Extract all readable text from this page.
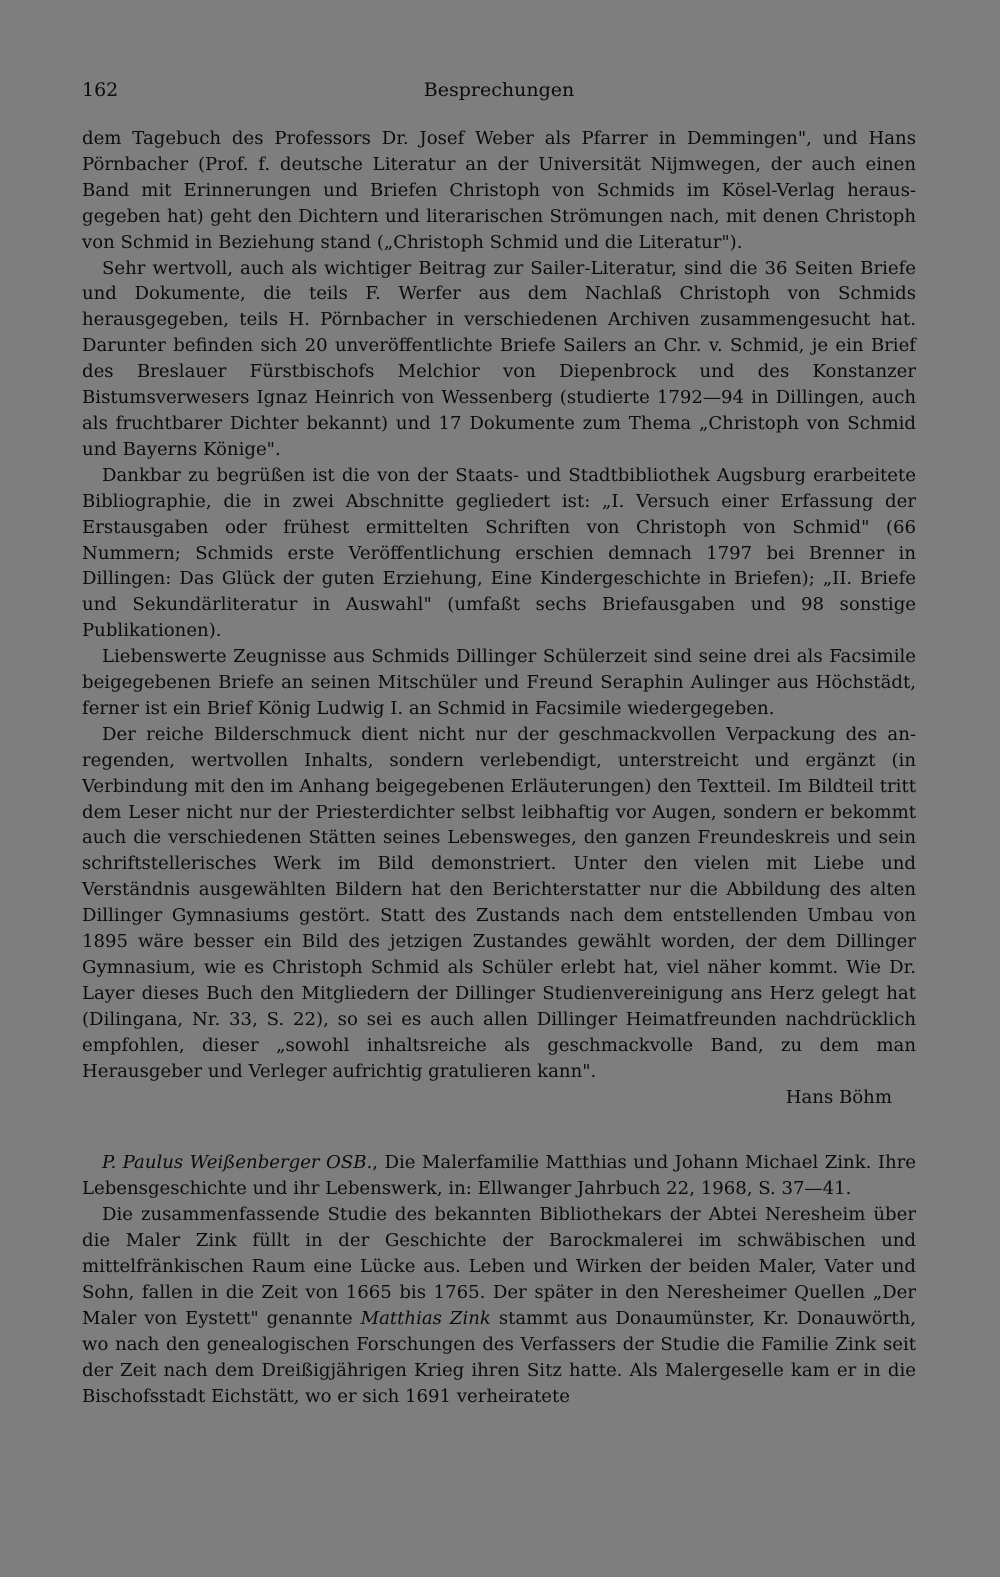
162	Besprechungen

dem Tagebuch des Professors Dr. Josef Weber als Pfarrer in Demmingen", und Hans Pörnbacher (Prof. f. deutsche Literatur an der Universität Nijmwegen, der auch einen Band mit Erinnerungen und Briefen Christoph von Schmids im Kösel-Verlag herausgegeben hat) geht den Dichtern und literarischen Strömungen nach, mit denen Christoph von Schmid in Beziehung stand („Christoph Schmid und die Literatur").

Sehr wertvoll, auch als wichtiger Beitrag zur Sailer-Literatur, sind die 36 Seiten Briefe und Dokumente, die teils F. Werfer aus dem Nachlaß Christoph von Schmids herausgegeben, teils H. Pörnbacher in verschiedenen Archiven zusammengesucht hat. Darunter befinden sich 20 unveröffentlichte Briefe Sailers an Chr. v. Schmid, je ein Brief des Breslauer Fürstbischofs Melchior von Diepenbrock und des Konstanzer Bistumsverwesers Ignaz Heinrich von Wessenberg (studierte 1792—94 in Dillingen, auch als fruchtbarer Dichter bekannt) und 17 Dokumente zum Thema „Christoph von Schmid und Bayerns Könige".

Dankbar zu begrüßen ist die von der Staats- und Stadtbibliothek Augsburg erarbeitete Bibliographie, die in zwei Abschnitte gegliedert ist: „I. Versuch einer Erfassung der Erstausgaben oder frühest ermittelten Schriften von Christoph von Schmid" (66 Nummern; Schmids erste Veröffentlichung erschien demnach 1797 bei Brenner in Dillingen: Das Glück der guten Erziehung, Eine Kindergeschichte in Briefen); „II. Briefe und Sekundärliteratur in Auswahl" (umfaßt sechs Briefausgaben und 98 sonstige Publikationen).

Liebenswerte Zeugnisse aus Schmids Dillinger Schülerzeit sind seine drei als Facsimile beigegebenen Briefe an seinen Mitschüler und Freund Seraphin Aulinger aus Höchstädt, ferner ist ein Brief König Ludwig I. an Schmid in Facsimile wiedergegeben.

Der reiche Bilderschmuck dient nicht nur der geschmackvollen Verpackung des anregenden, wertvollen Inhalts, sondern verlebendigt, unterstreicht und ergänzt (in Verbindung mit den im Anhang beigegebenen Erläuterungen) den Textteil. Im Bildteil tritt dem Leser nicht nur der Priesterdichter selbst leibhaftig vor Augen, sondern er bekommt auch die verschiedenen Stätten seines Lebensweges, den ganzen Freundeskreis und sein schriftstellerisches Werk im Bild demonstriert. Unter den vielen mit Liebe und Verständnis ausgewählten Bildern hat den Berichterstatter nur die Abbildung des alten Dillinger Gymnasiums gestört. Statt des Zustands nach dem entstellenden Umbau von 1895 wäre besser ein Bild des jetzigen Zustandes gewählt worden, der dem Dillinger Gymnasium, wie es Christoph Schmid als Schüler erlebt hat, viel näher kommt. Wie Dr. Layer dieses Buch den Mitgliedern der Dillinger Studienvereinigung ans Herz gelegt hat (Dilingana, Nr. 33, S. 22), so sei es auch allen Dillinger Heimatfreunden nachdrücklich empfohlen, dieser „sowohl inhaltsreiche als geschmackvolle Band, zu dem man Herausgeber und Verleger aufrichtig gratulieren kann".

Hans Böhm

P. Paulus Weißenberger OSB., Die Malerfamilie Matthias und Johann Michael Zink. Ihre Lebensgeschichte und ihr Lebenswerk, in: Ellwanger Jahrbuch 22, 1968, S. 37—41.

Die zusammenfassende Studie des bekannten Bibliothekars der Abtei Neresheim über die Maler Zink füllt in der Geschichte der Barockmalerei im schwäbischen und mittelfränkischen Raum eine Lücke aus. Leben und Wirken der beiden Maler, Vater und Sohn, fallen in die Zeit von 1665 bis 1765. Der später in den Neresheimer Quellen „Der Maler von Eystett" genannte Matthias Zink stammt aus Donaumünster, Kr. Donauwörth, wo nach den genealogischen Forschungen des Verfassers der Studie die Familie Zink seit der Zeit nach dem Dreißigjährigen Krieg ihren Sitz hatte. Als Malergeselle kam er in die Bischofsstadt Eichstätt, wo er sich 1691 verheiratete
